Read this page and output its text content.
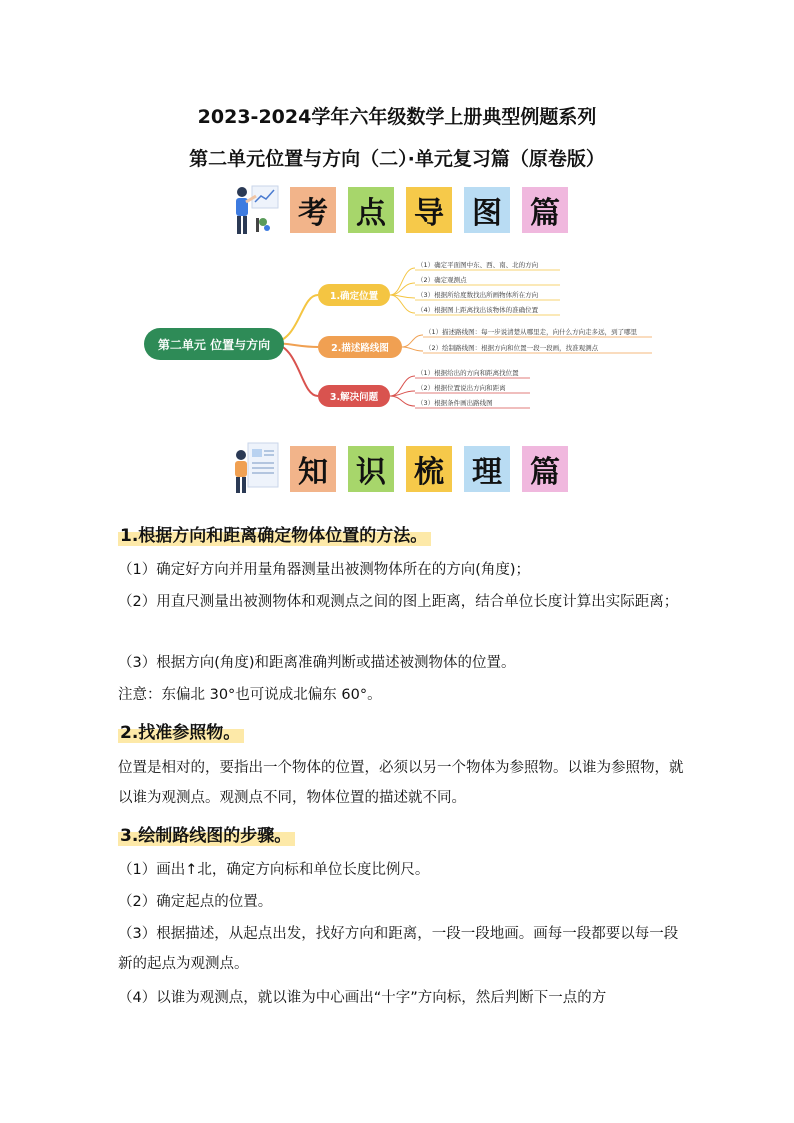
2023-2024学年六年级数学上册典型例题系列
第二单元位置与方向（二）·单元复习篇（原卷版）
考 点 导 图 篇
第二单元 位置与方向
1.确定位置
（1）确定平面图中东、西、南、北的方向
（2）确定观测点
（3）根据所给度数找出所画物体所在方向
（4）根据图上距离找出该物体的准确位置
2.描述路线图
（1）描述路线图：每一步说清楚从哪里走，向什么方向走多远，到了哪里
（2）绘制路线图：根据方向和位置一段一段画，找准观测点
3.解决问题
（1）根据给出的方向和距离找位置
（2）根据位置说出方向和距离
（3）根据条件画出路线图
知 识 梳 理 篇
1.根据方向和距离确定物体位置的方法。
（1）确定好方向并用量角器测量出被测物体所在的方向(角度)；
（2）用直尺测量出被测物体和观测点之间的图上距离，结合单位长度计算出实际距离；
（3）根据方向(角度)和距离准确判断或描述被测物体的位置。
注意：东偏北 30°也可说成北偏东 60°。
2.找准参照物。
位置是相对的，要指出一个物体的位置，必须以另一个物体为参照物。以谁为参照物，就以谁为观测点。观测点不同，物体位置的描述就不同。
3.绘制路线图的步骤。
（1）画出↑北，确定方向标和单位长度比例尺。
（2）确定起点的位置。
（3）根据描述，从起点出发，找好方向和距离，一段一段地画。画每一段都要以每一段新的起点为观测点。
（4）以谁为观测点，就以谁为中心画出“十字”方向标，然后判断下一点的方
